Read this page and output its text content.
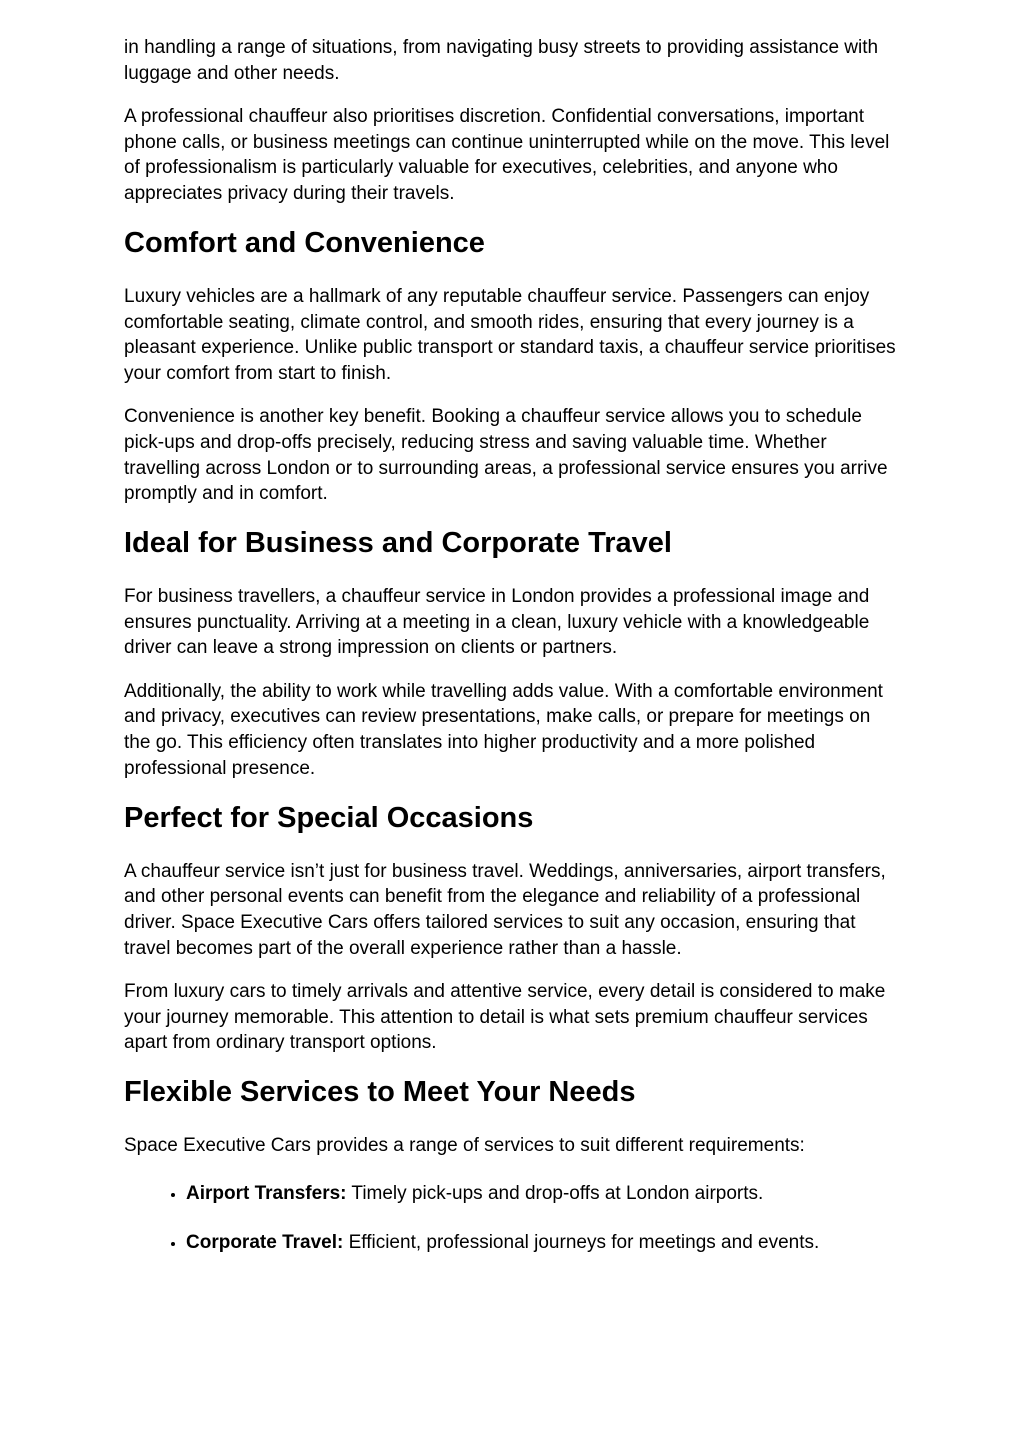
in handling a range of situations, from navigating busy streets to providing assistance with luggage and other needs.

A professional chauffeur also prioritises discretion. Confidential conversations, important phone calls, or business meetings can continue uninterrupted while on the move. This level of professionalism is particularly valuable for executives, celebrities, and anyone who appreciates privacy during their travels.

Comfort and Convenience

Luxury vehicles are a hallmark of any reputable chauffeur service. Passengers can enjoy comfortable seating, climate control, and smooth rides, ensuring that every journey is a pleasant experience. Unlike public transport or standard taxis, a chauffeur service prioritises your comfort from start to finish.

Convenience is another key benefit. Booking a chauffeur service allows you to schedule pick-ups and drop-offs precisely, reducing stress and saving valuable time. Whether travelling across London or to surrounding areas, a professional service ensures you arrive promptly and in comfort.

Ideal for Business and Corporate Travel

For business travellers, a chauffeur service in London provides a professional image and ensures punctuality. Arriving at a meeting in a clean, luxury vehicle with a knowledgeable driver can leave a strong impression on clients or partners.

Additionally, the ability to work while travelling adds value. With a comfortable environment and privacy, executives can review presentations, make calls, or prepare for meetings on the go. This efficiency often translates into higher productivity and a more polished professional presence.

Perfect for Special Occasions

A chauffeur service isn’t just for business travel. Weddings, anniversaries, airport transfers, and other personal events can benefit from the elegance and reliability of a professional driver. Space Executive Cars offers tailored services to suit any occasion, ensuring that travel becomes part of the overall experience rather than a hassle.

From luxury cars to timely arrivals and attentive service, every detail is considered to make your journey memorable. This attention to detail is what sets premium chauffeur services apart from ordinary transport options.

Flexible Services to Meet Your Needs

Space Executive Cars provides a range of services to suit different requirements:

• Airport Transfers: Timely pick-ups and drop-offs at London airports.
• Corporate Travel: Efficient, professional journeys for meetings and events.
